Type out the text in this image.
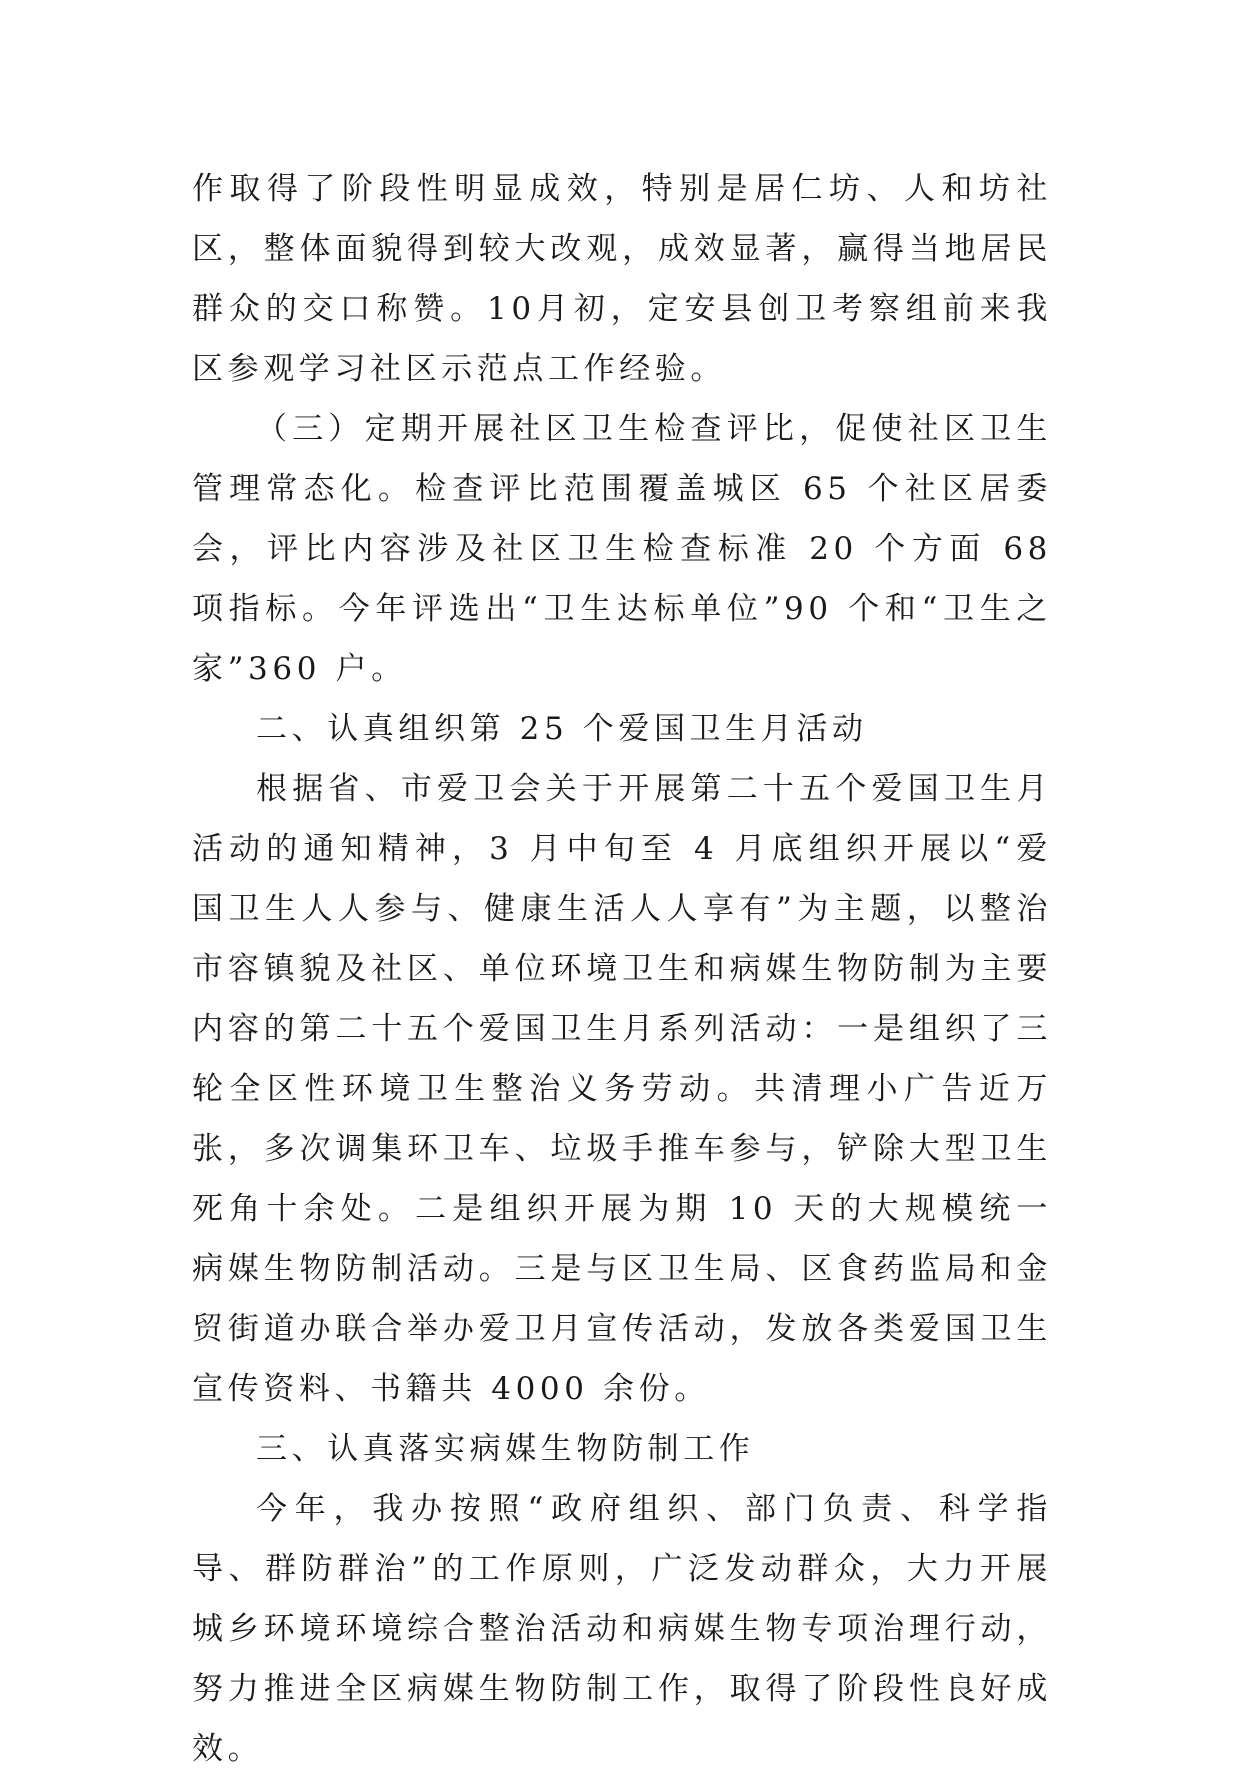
作取得了阶段性明显成效，特别是居仁坊、人和坊社区，整体面貌得到较大改观，成效显著，赢得当地居民群众的交口称赞。10月初，定安县创卫考察组前来我区参观学习社区示范点工作经验。

（三）定期开展社区卫生检查评比，促使社区卫生管理常态化。检查评比范围覆盖城区 65 个社区居委会，评比内容涉及社区卫生检查标准 20 个方面 68 项指标。今年评选出“卫生达标单位”90 个和“卫生之家”360 户。

二、认真组织第 25 个爱国卫生月活动

根据省、市爱卫会关于开展第二十五个爱国卫生月活动的通知精神，3 月中旬至 4 月底组织开展以“爱国卫生人人参与、健康生活人人享有”为主题，以整治市容镇貌及社区、单位环境卫生和病媒生物防制为主要内容的第二十五个爱国卫生月系列活动：一是组织了三轮全区性环境卫生整治义务劳动。共清理小广告近万张，多次调集环卫车、垃圾手推车参与，铲除大型卫生死角十余处。二是组织开展为期 10 天的大规模统一病媒生物防制活动。三是与区卫生局、区食药监局和金贸街道办联合举办爱卫月宣传活动，发放各类爱国卫生宣传资料、书籍共 4000 余份。

三、认真落实病媒生物防制工作

今年，我办按照“政府组织、部门负责、科学指导、群防群治”的工作原则，广泛发动群众，大力开展城乡环境环境综合整治活动和病媒生物专项治理行动，努力推进全区病媒生物防制工作，取得了阶段性良好成效。
